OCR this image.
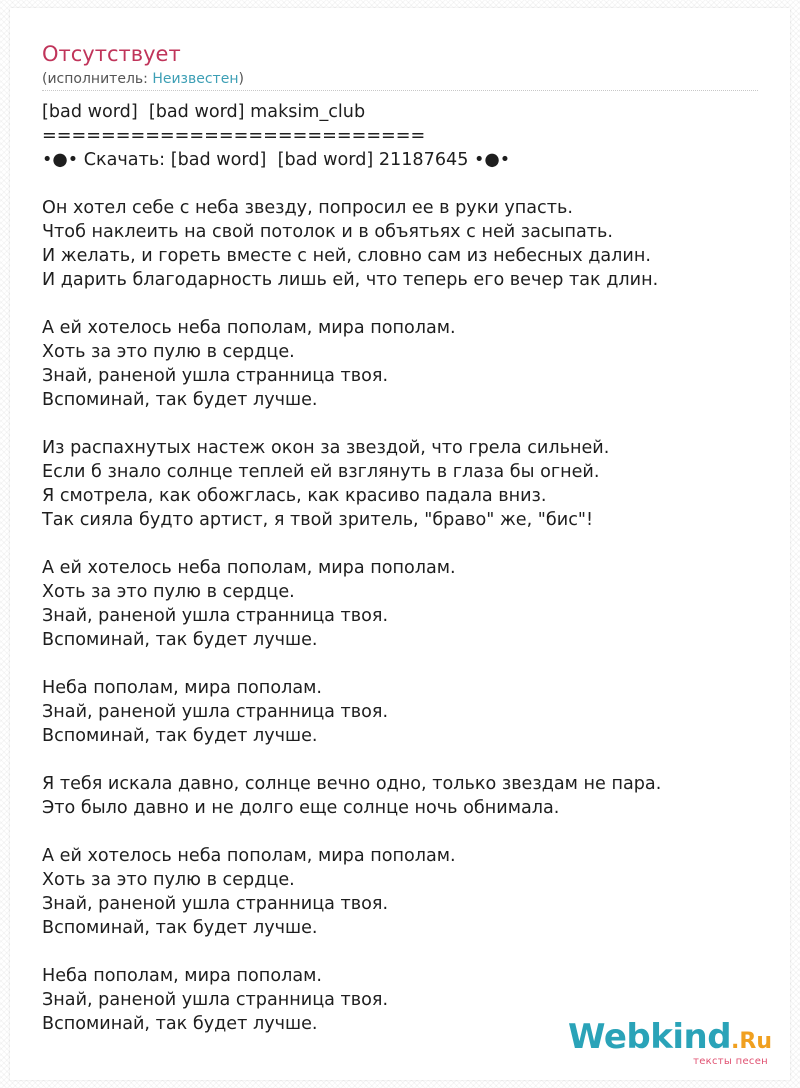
Отсутствует
(исполнитель: Неизвестен)
[bad word]  [bad word] maksim_club
==========================
•●• Скачать: [bad word]  [bad word] 21187645 •●•
Он хотел себе с неба звезду, попросил ее в руки упасть.
Чтоб наклеить на свой потолок и в объятьях с ней засыпать.
И желать, и гореть вместе с ней, словно сам из небесных далин.
И дарить благодарность лишь ей, что теперь его вечер так длин.
А ей хотелось неба пополам, мира пополам.
Хоть за это пулю в сердце.
Знай, раненой ушла странница твоя.
Вспоминай, так будет лучше.
Из распахнутых настеж окон за звездой, что грела сильней.
Если б знало солнце теплей ей взглянуть в глаза бы огней.
Я смотрела, как обожглась, как красиво падала вниз.
Так сияла будто артист, я твой зритель, "браво" же, "бис"!
А ей хотелось неба пополам, мира пополам.
Хоть за это пулю в сердце.
Знай, раненой ушла странница твоя.
Вспоминай, так будет лучше.
Неба пополам, мира пополам.
Знай, раненой ушла странница твоя.
Вспоминай, так будет лучше.
Я тебя искала давно, солнце вечно одно, только звездам не пара.
Это было давно и не долго еще солнце ночь обнимала.
А ей хотелось неба пополам, мира пополам.
Хоть за это пулю в сердце.
Знай, раненой ушла странница твоя.
Вспоминай, так будет лучше.
Неба пополам, мира пополам.
Знай, раненой ушла странница твоя.
Вспоминай, так будет лучше.	Webkind.Ru
тексты песен
